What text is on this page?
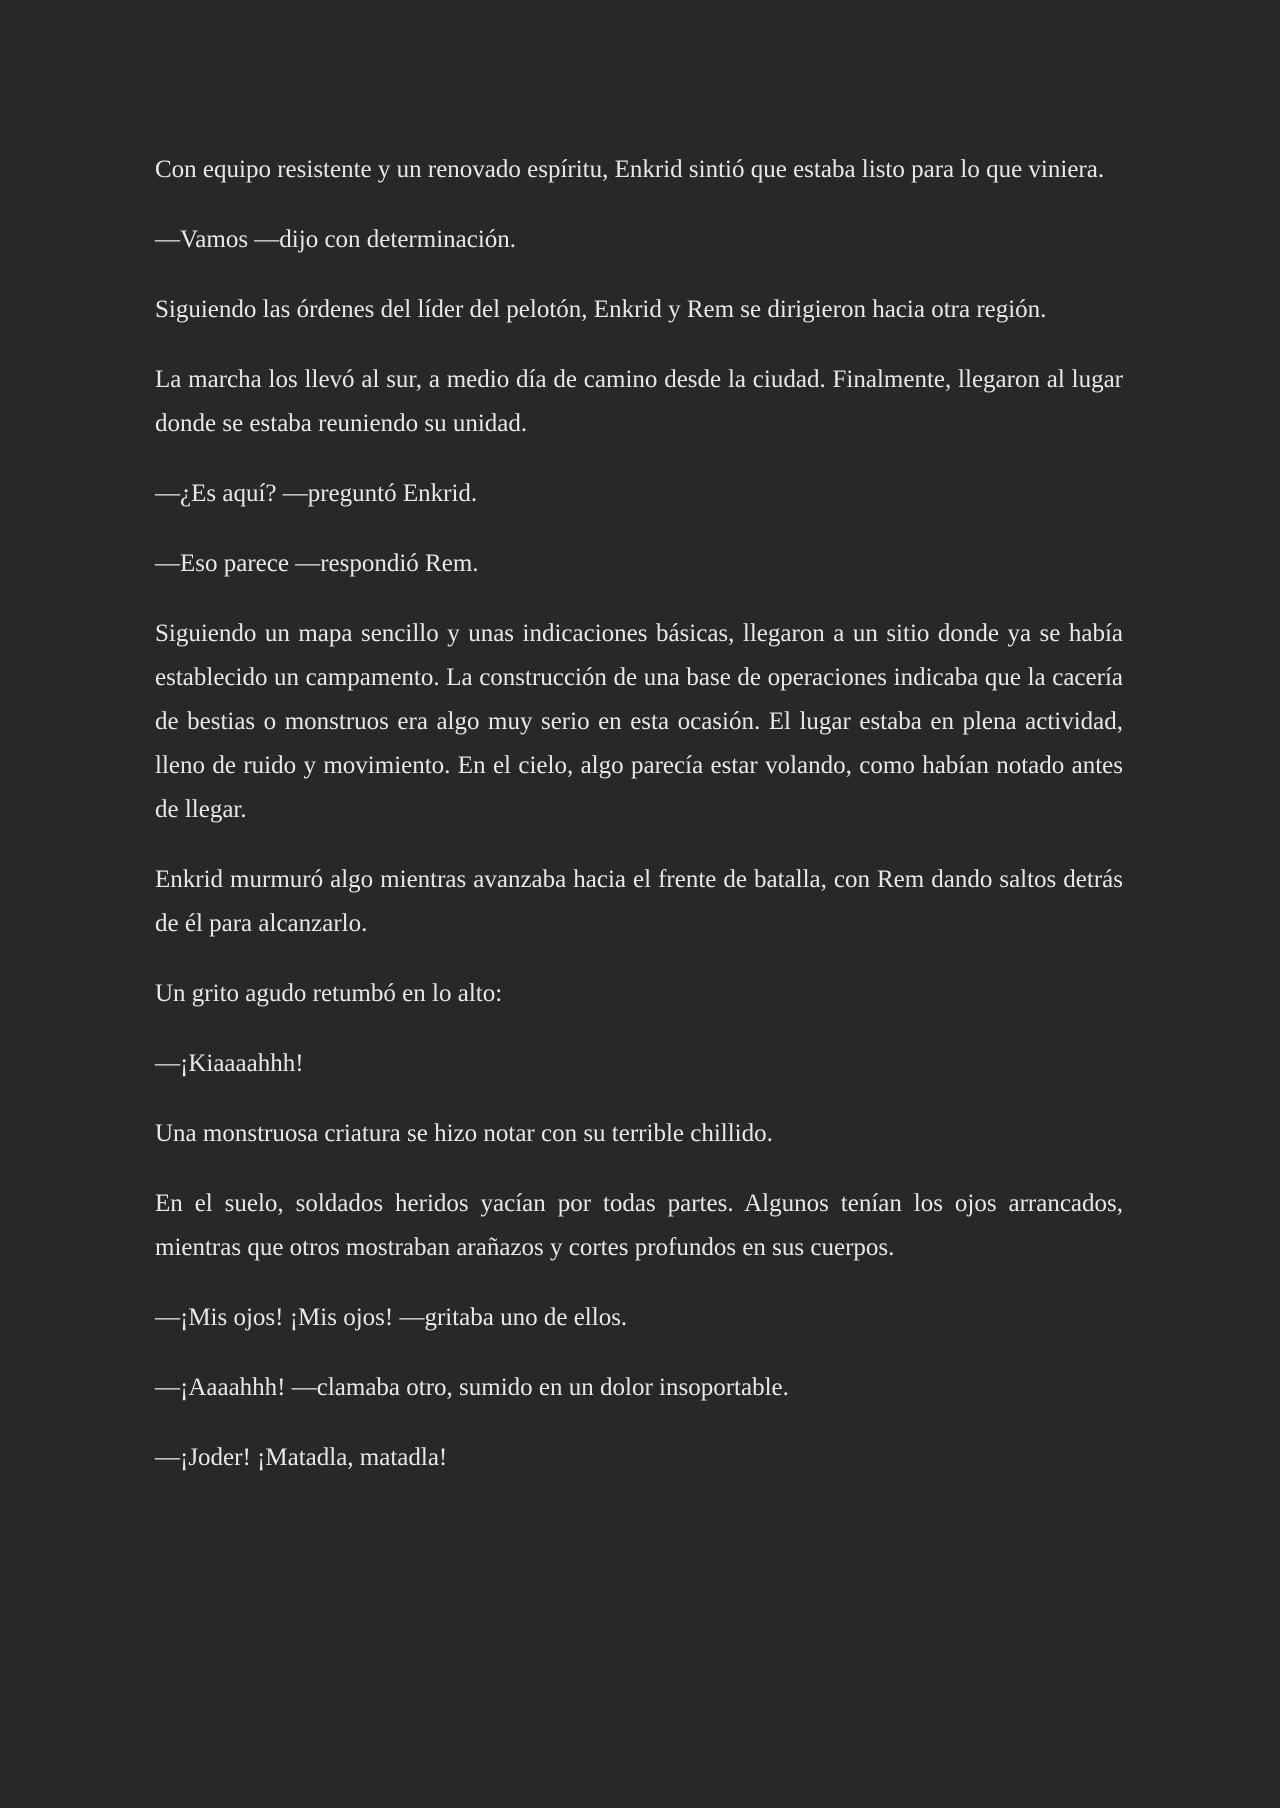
Con equipo resistente y un renovado espíritu, Enkrid sintió que estaba listo para lo que viniera.

—Vamos —dijo con determinación.

Siguiendo las órdenes del líder del pelotón, Enkrid y Rem se dirigieron hacia otra región.

La marcha los llevó al sur, a medio día de camino desde la ciudad. Finalmente, llegaron al lugar donde se estaba reuniendo su unidad.

—¿Es aquí? —preguntó Enkrid.

—Eso parece —respondió Rem.

Siguiendo un mapa sencillo y unas indicaciones básicas, llegaron a un sitio donde ya se había establecido un campamento. La construcción de una base de operaciones indicaba que la cacería de bestias o monstruos era algo muy serio en esta ocasión. El lugar estaba en plena actividad, lleno de ruido y movimiento. En el cielo, algo parecía estar volando, como habían notado antes de llegar.

Enkrid murmuró algo mientras avanzaba hacia el frente de batalla, con Rem dando saltos detrás de él para alcanzarlo.

Un grito agudo retumbó en lo alto:

—¡Kiaaaahhh!

Una monstruosa criatura se hizo notar con su terrible chillido.

En el suelo, soldados heridos yacían por todas partes. Algunos tenían los ojos arrancados, mientras que otros mostraban arañazos y cortes profundos en sus cuerpos.

—¡Mis ojos! ¡Mis ojos! —gritaba uno de ellos.

—¡Aaaahhh! —clamaba otro, sumido en un dolor insoportable.

—¡Joder! ¡Matadla, matadla!
